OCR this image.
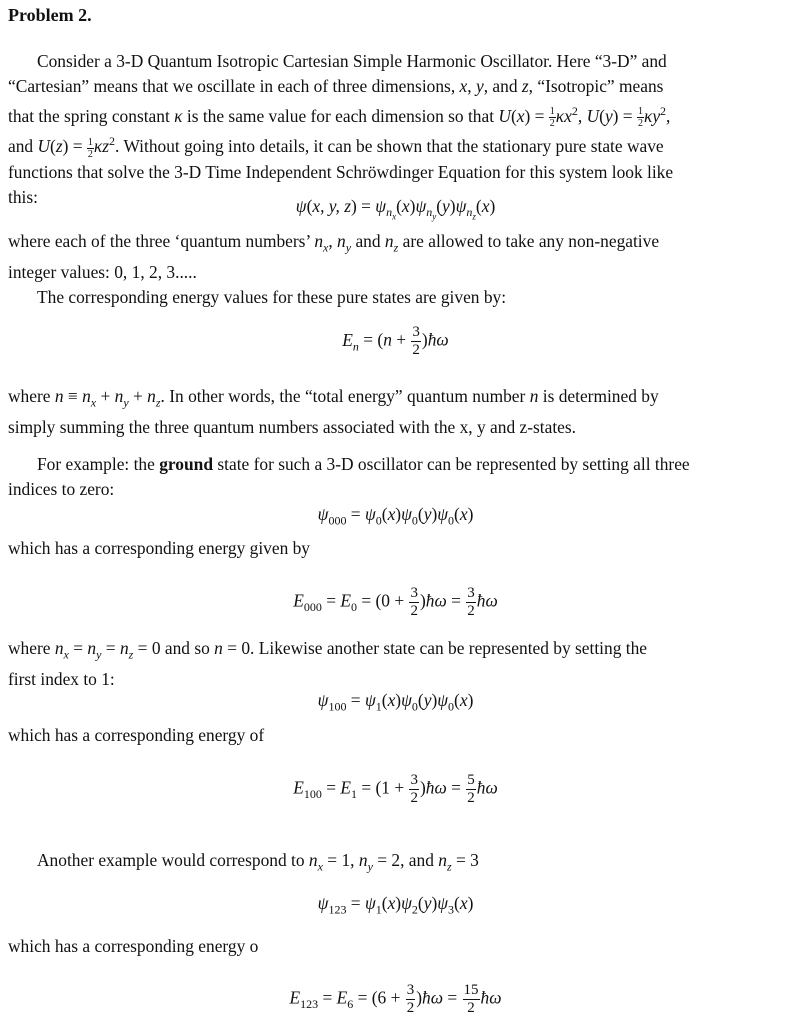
Problem 2.
Consider a 3-D Quantum Isotropic Cartesian Simple Harmonic Oscillator. Here “3-D” and

“Cartesian” means that we oscillate in each of three dimensions, x, y, and z, “Isotropic” means
that the spring constant κ is the same value for each dimension so that $U(x) = \frac{1}{2} \kappa x^2$, $U(y) = \frac{1}{2} \kappa y^2$,
and $U(z) = \frac{1}{2} \kappa z^2$. Without going into details, it can be shown that the stationary pure state wave
functions that solve the 3-D Time Independent Schröwdinger Equation for this system look like
this:	ψ(x, y, $z) = \psi_{n_x}(x)\psi_{n_y}(y)\psi_{n_z}(x)$
where each of the three ‘quantum numbers’ $n_x$, $n_y$ and $n_z$ are allowed to take any non-negative
integer values: 0, 1, 2, 3.....
The corresponding energy values for these pure states are given by:
$E_n = (n + \frac{3}{2}$ )ħω
where $n \equiv n_x + n_y + n_z$. In other words, the “total energy” quantum number n is determined by
simply summing the three quantum numbers associated with the x, y and z-states.
For example: the ground state for such a 3-D oscillator can be represented by setting all three

indices to zero:
$\psi_{000} = \psi_0(x)\psi_0(y)\psi_0(x)$
which has a corresponding energy given by
$E_{000} = E_0 = (0 + \frac{3}{2}$ )ħω = $\frac{3}{2}$ ħω
where $n_x = n_y = n_z = 0$ and so n = 0. Likewise another state can be represented by setting the
first index to 1:
$\psi_{100} = \psi_1(x)\psi_0(y)\psi_0(x)$
which has a corresponding energy of
$E_{100} = E_1 = (1 + \frac{3}{2}$ )ħω = $\frac{5}{2}$ ħω
Another example would correspond to $n_x = 1$, $n_y = 2$, and $n_z = 3$
$\psi_{123} = \psi_1(x)\psi_2(y)\psi_3(x)$
which has a corresponding energy o
$E_{123} = E_6 = (6 + \frac{3}{2}$ )ħω = $\frac{15}{2}$ ħω
